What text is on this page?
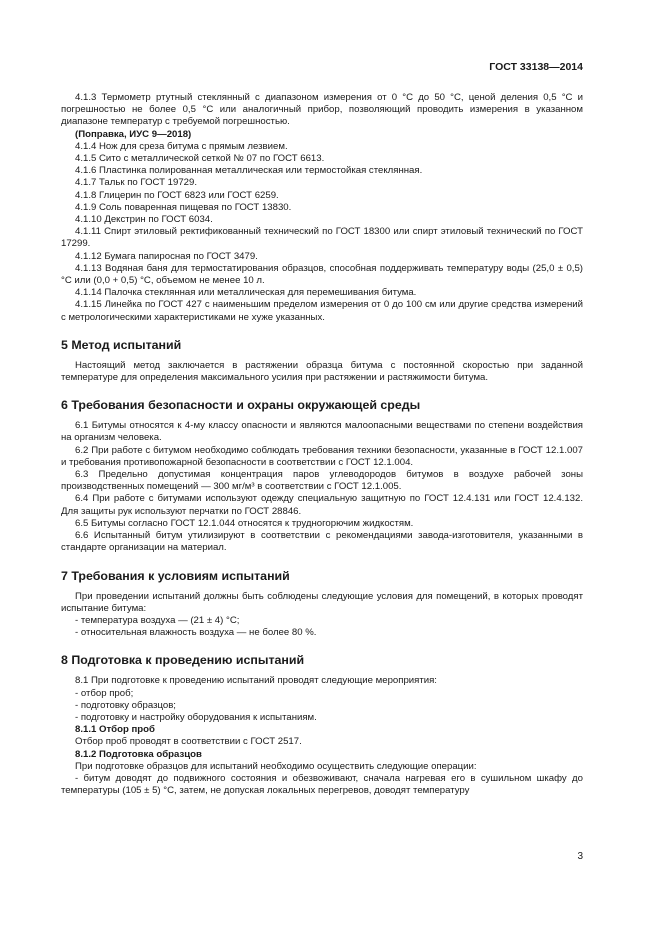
ГОСТ 33138—2014

4.1.3 Термометр ртутный стеклянный с диапазоном измерения от 0 °С до 50 °С, ценой деления 0,5 °С и погрешностью не более 0,5 °С или аналогичный прибор, позволяющий проводить измерения в указанном диапазоне температур с требуемой погрешностью.

(Поправка, ИУС 9—2018)

4.1.4 Нож для среза битума с прямым лезвием.

4.1.5 Сито с металлической сеткой № 07 по ГОСТ 6613.

4.1.6 Пластинка полированная металлическая или термостойкая стеклянная.

4.1.7 Тальк по ГОСТ 19729.

4.1.8 Глицерин по ГОСТ 6823 или ГОСТ 6259.

4.1.9 Соль поваренная пищевая по ГОСТ 13830.

4.1.10 Декстрин по ГОСТ 6034.

4.1.11 Спирт этиловый ректификованный технический по ГОСТ 18300 или спирт этиловый технический по ГОСТ 17299.

4.1.12 Бумага папиросная по ГОСТ 3479.

4.1.13 Водяная баня для термостатирования образцов, способная поддерживать температуру воды (25,0 ± 0,5) °С или (0,0 + 0,5) °С, объемом не менее 10 л.

4.1.14 Палочка стеклянная или металлическая для перемешивания битума.

4.1.15 Линейка по ГОСТ 427 с наименьшим пределом измерения от 0 до 100 см или другие средства измерений с метрологическими характеристиками не хуже указанных.

5 Метод испытаний

Настоящий метод заключается в растяжении образца битума с постоянной скоростью при заданной температуре для определения максимального усилия при растяжении и растяжимости битума.

6 Требования безопасности и охраны окружающей среды

6.1 Битумы относятся к 4-му классу опасности и являются малоопасными веществами по степени воздействия на организм человека.

6.2 При работе с битумом необходимо соблюдать требования техники безопасности, указанные в ГОСТ 12.1.007 и требования противопожарной безопасности в соответствии с ГОСТ 12.1.004.

6.3 Предельно допустимая концентрация паров углеводородов битумов в воздухе рабочей зоны производственных помещений — 300 мг/м³ в соответствии с ГОСТ 12.1.005.

6.4 При работе с битумами используют одежду специальную защитную по ГОСТ 12.4.131 или ГОСТ 12.4.132. Для защиты рук используют перчатки по ГОСТ 28846.

6.5 Битумы согласно ГОСТ 12.1.044 относятся к трудногорючим жидкостям.

6.6 Испытанный битум утилизируют в соответствии с рекомендациями завода-изготовителя, указанными в стандарте организации на материал.

7 Требования к условиям испытаний

При проведении испытаний должны быть соблюдены следующие условия для помещений, в которых проводят испытание битума:

- температура воздуха — (21 ± 4) °С;

- относительная влажность воздуха — не более 80 %.

8 Подготовка к проведению испытаний

8.1 При подготовке к проведению испытаний проводят следующие мероприятия:

- отбор проб;

- подготовку образцов;

- подготовку и настройку оборудования к испытаниям.

8.1.1 Отбор проб

Отбор проб проводят в соответствии с ГОСТ 2517.

8.1.2 Подготовка образцов

При подготовке образцов для испытаний необходимо осуществить следующие операции:

- битум доводят до подвижного состояния и обезвоживают, сначала нагревая его в сушильном шкафу до температуры (105 ± 5) °С, затем, не допуская локальных перегревов, доводят температуру

3
